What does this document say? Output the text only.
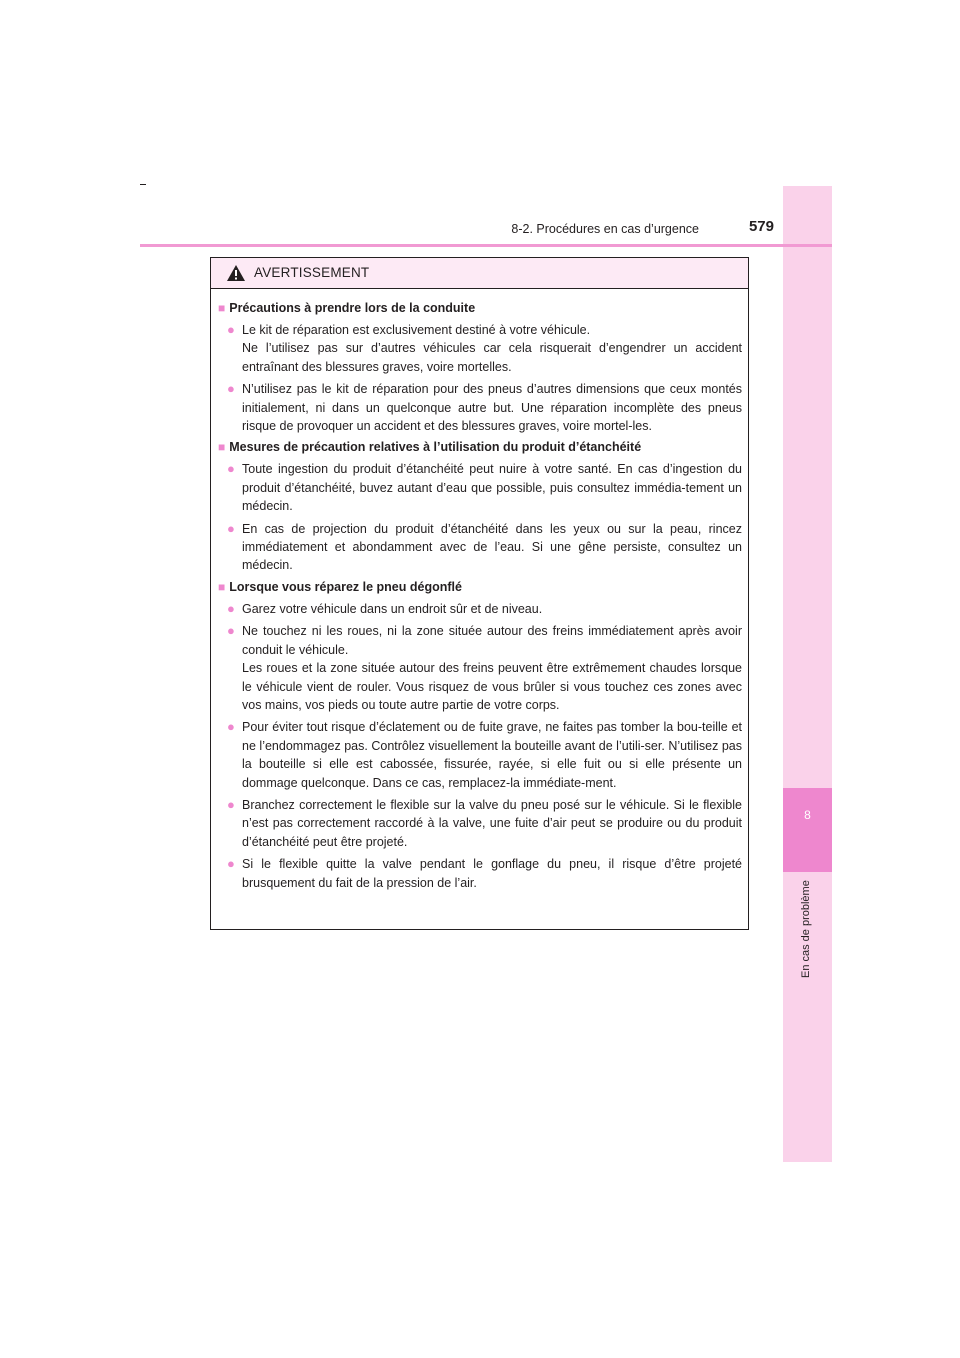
8
En cas de problème
8-2. Procédures en cas d’urgence	579
AVERTISSEMENT
■ Précautions à prendre lors de la conduite
● Le kit de réparation est exclusivement destiné à votre véhicule.
Ne l’utilisez pas sur d’autres véhicules car cela risquerait d’engendrer un accident entraînant des blessures graves, voire mortelles.
● N’utilisez pas le kit de réparation pour des pneus d’autres dimensions que ceux montés initialement, ni dans un quelconque autre but. Une réparation incomplète des pneus risque de provoquer un accident et des blessures graves, voire mortel-les.
■ Mesures de précaution relatives à l’utilisation du produit d’étanchéité
● Toute ingestion du produit d’étanchéité peut nuire à votre santé. En cas d’ingestion du produit d’étanchéité, buvez autant d’eau que possible, puis consultez immédia-tement un médecin.
● En cas de projection du produit d’étanchéité dans les yeux ou sur la peau, rincez immédiatement et abondamment avec de l’eau. Si une gêne persiste, consultez un médecin.
■ Lorsque vous réparez le pneu dégonflé
● Garez votre véhicule dans un endroit sûr et de niveau.
● Ne touchez ni les roues, ni la zone située autour des freins immédiatement après avoir conduit le véhicule.
Les roues et la zone située autour des freins peuvent être extrêmement chaudes lorsque le véhicule vient de rouler. Vous risquez de vous brûler si vous touchez ces zones avec vos mains, vos pieds ou toute autre partie de votre corps.
● Pour éviter tout risque d’éclatement ou de fuite grave, ne faites pas tomber la bou-teille et ne l’endommagez pas. Contrôlez visuellement la bouteille avant de l’utili-ser. N’utilisez pas la bouteille si elle est cabossée, fissurée, rayée, si elle fuit ou si elle présente un dommage quelconque. Dans ce cas, remplacez-la immédiate-ment.
● Branchez correctement le flexible sur la valve du pneu posé sur le véhicule. Si le flexible n’est pas correctement raccordé à la valve, une fuite d’air peut se produire ou du produit d’étanchéité peut être projeté.
● Si le flexible quitte la valve pendant le gonflage du pneu, il risque d’être projeté brusquement du fait de la pression de l’air.
